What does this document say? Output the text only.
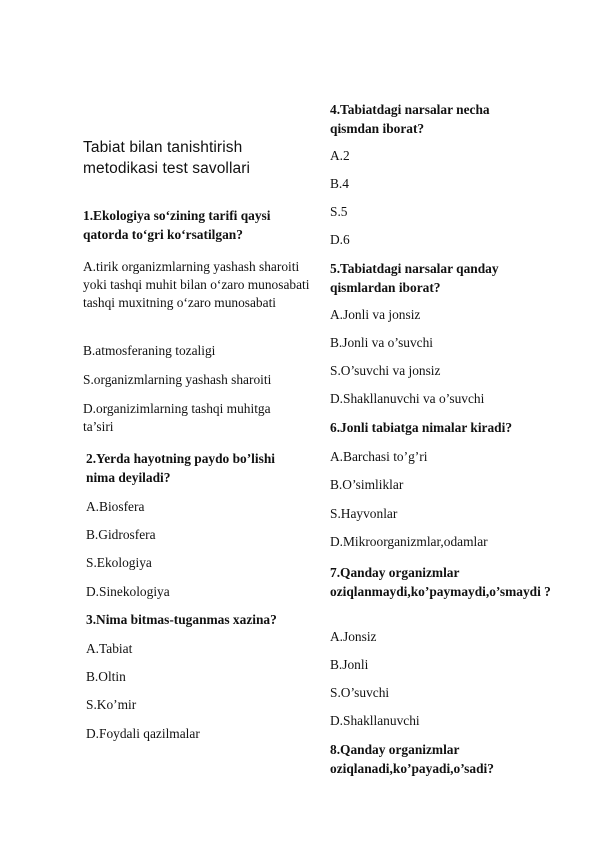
Tabiat bilan tanishtirish metodikasi test savollari

1.Ekologiya so‘zining tarifi qaysi qatorda to‘gri ko‘rsatilgan?

A.tirik organizmlarning yashash sharoiti yoki tashqi muhit bilan o‘zaro munosabati tashqi muxitning o‘zaro munosabati

B.atmosferaning tozaligi

S.organizmlarning yashash sharoiti

D.organizimlarning tashqi muhitga ta’siri

2.Yerda hayotning paydo bo’lishi nima deyiladi?

A.Biosfera

B.Gidrosfera

S.Ekologiya

D.Sinekologiya

3.Nima bitmas-tuganmas xazina?

A.Tabiat

B.Oltin

S.Ko’mir

D.Foydali qazilmalar

4.Tabiatdagi narsalar necha qismdan iborat?

A.2

B.4

S.5

D.6

5.Tabiatdagi narsalar qanday qismlardan iborat?

A.Jonli va jonsiz

B.Jonli va o’suvchi

S.O’suvchi va jonsiz

D.Shakllanuvchi va o’suvchi

6.Jonli tabiatga nimalar kiradi?

A.Barchasi to’g’ri

B.O’simliklar

S.Hayvonlar

D.Mikroorganizmlar,odamlar

7.Qanday organizmlar oziqlanmaydi,ko’paymaydi,o’smaydi ?

A.Jonsiz

B.Jonli

S.O’suvchi

D.Shakllanuvchi

8.Qanday organizmlar oziqlanadi,ko’payadi,o’sadi?
